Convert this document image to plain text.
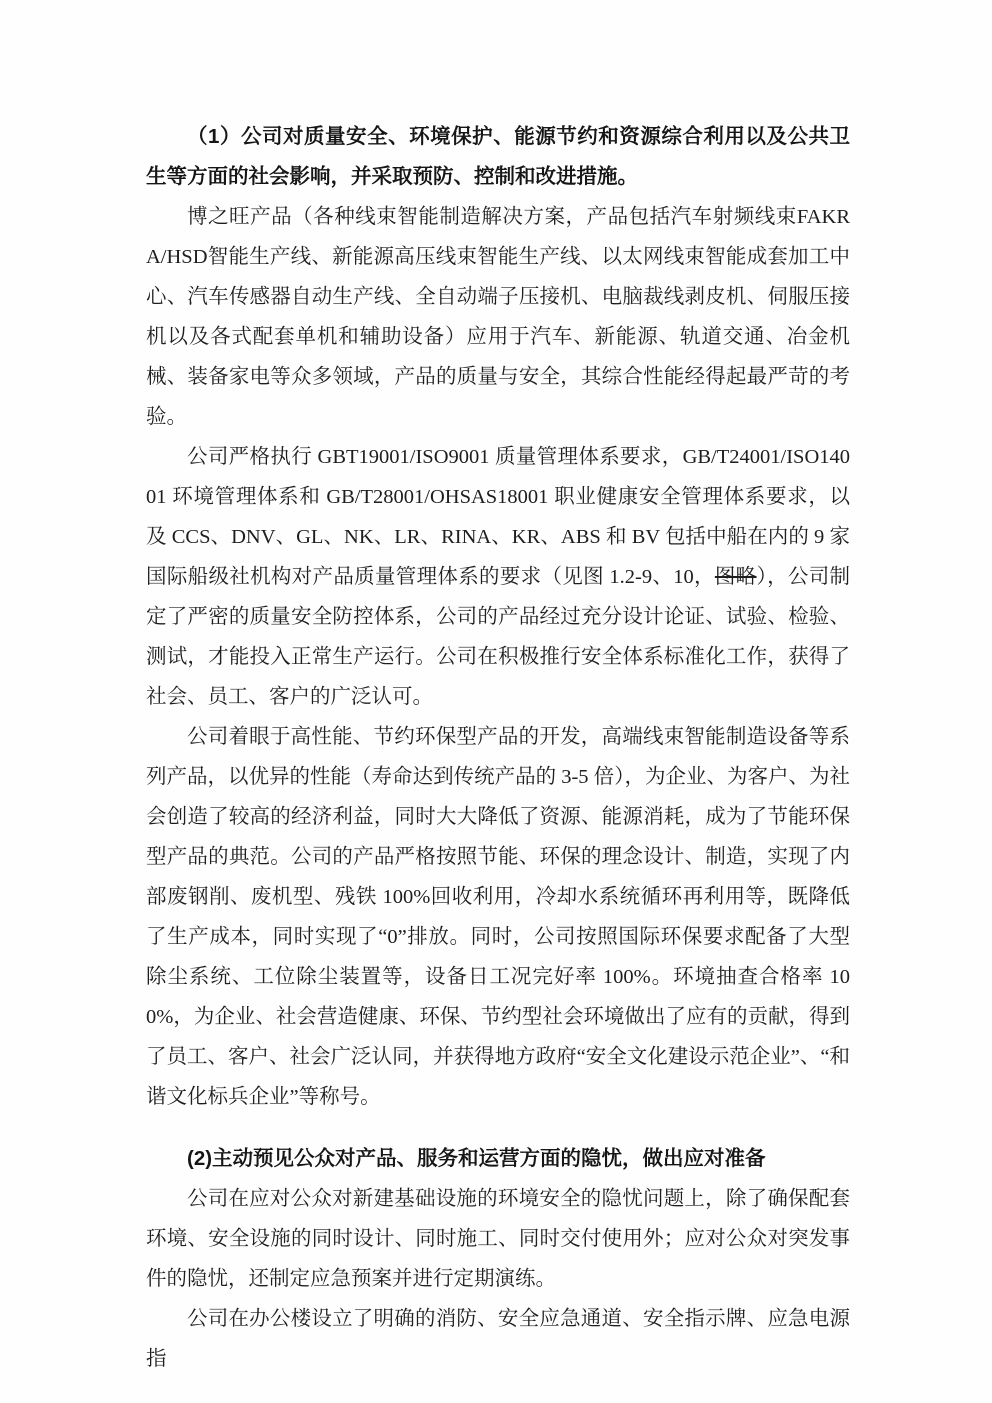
（1）公司对质量安全、环境保护、能源节约和资源综合利用以及公共卫生等方面的社会影响，并采取预防、控制和改进措施。

博之旺产品（各种线束智能制造解决方案，产品包括汽车射频线束FAKRA/HSD智能生产线、新能源高压线束智能生产线、以太网线束智能成套加工中心、汽车传感器自动生产线、全自动端子压接机、电脑裁线剥皮机、伺服压接机以及各式配套单机和辅助设备）应用于汽车、新能源、轨道交通、冶金机械、装备家电等众多领域，产品的质量与安全，其综合性能经得起最严苛的考验。

公司严格执行 GBT19001/ISO9001 质量管理体系要求，GB/T24001/ISO14001 环境管理体系和 GB/T28001/OHSAS18001 职业健康安全管理体系要求，以及 CCS、DNV、GL、NK、LR、RINA、KR、ABS 和 BV 包括中船在内的 9 家国际船级社机构对产品质量管理体系的要求（见图 1.2-9、10，图略），公司制定了严密的质量安全防控体系，公司的产品经过充分设计论证、试验、检验、测试，才能投入正常生产运行。公司在积极推行安全体系标准化工作，获得了社会、员工、客户的广泛认可。

公司着眼于高性能、节约环保型产品的开发，高端线束智能制造设备等系列产品，以优异的性能（寿命达到传统产品的 3-5 倍），为企业、为客户、为社会创造了较高的经济利益，同时大大降低了资源、能源消耗，成为了节能环保型产品的典范。公司的产品严格按照节能、环保的理念设计、制造，实现了内部废钢削、废机型、残铁 100%回收利用，冷却水系统循环再利用等，既降低了生产成本，同时实现了“0”排放。同时，公司按照国际环保要求配备了大型除尘系统、工位除尘装置等，设备日工况完好率 100%。环境抽查合格率 100%，为企业、社会营造健康、环保、节约型社会环境做出了应有的贡献，得到了员工、客户、社会广泛认同，并获得地方政府“安全文化建设示范企业”、“和谐文化标兵企业”等称号。

(2)主动预见公众对产品、服务和运营方面的隐忧，做出应对准备

公司在应对公众对新建基础设施的环境安全的隐忧问题上，除了确保配套环境、安全设施的同时设计、同时施工、同时交付使用外；应对公众对突发事件的隐忧，还制定应急预案并进行定期演练。

公司在办公楼设立了明确的消防、安全应急通道、安全指示牌、应急电源指
